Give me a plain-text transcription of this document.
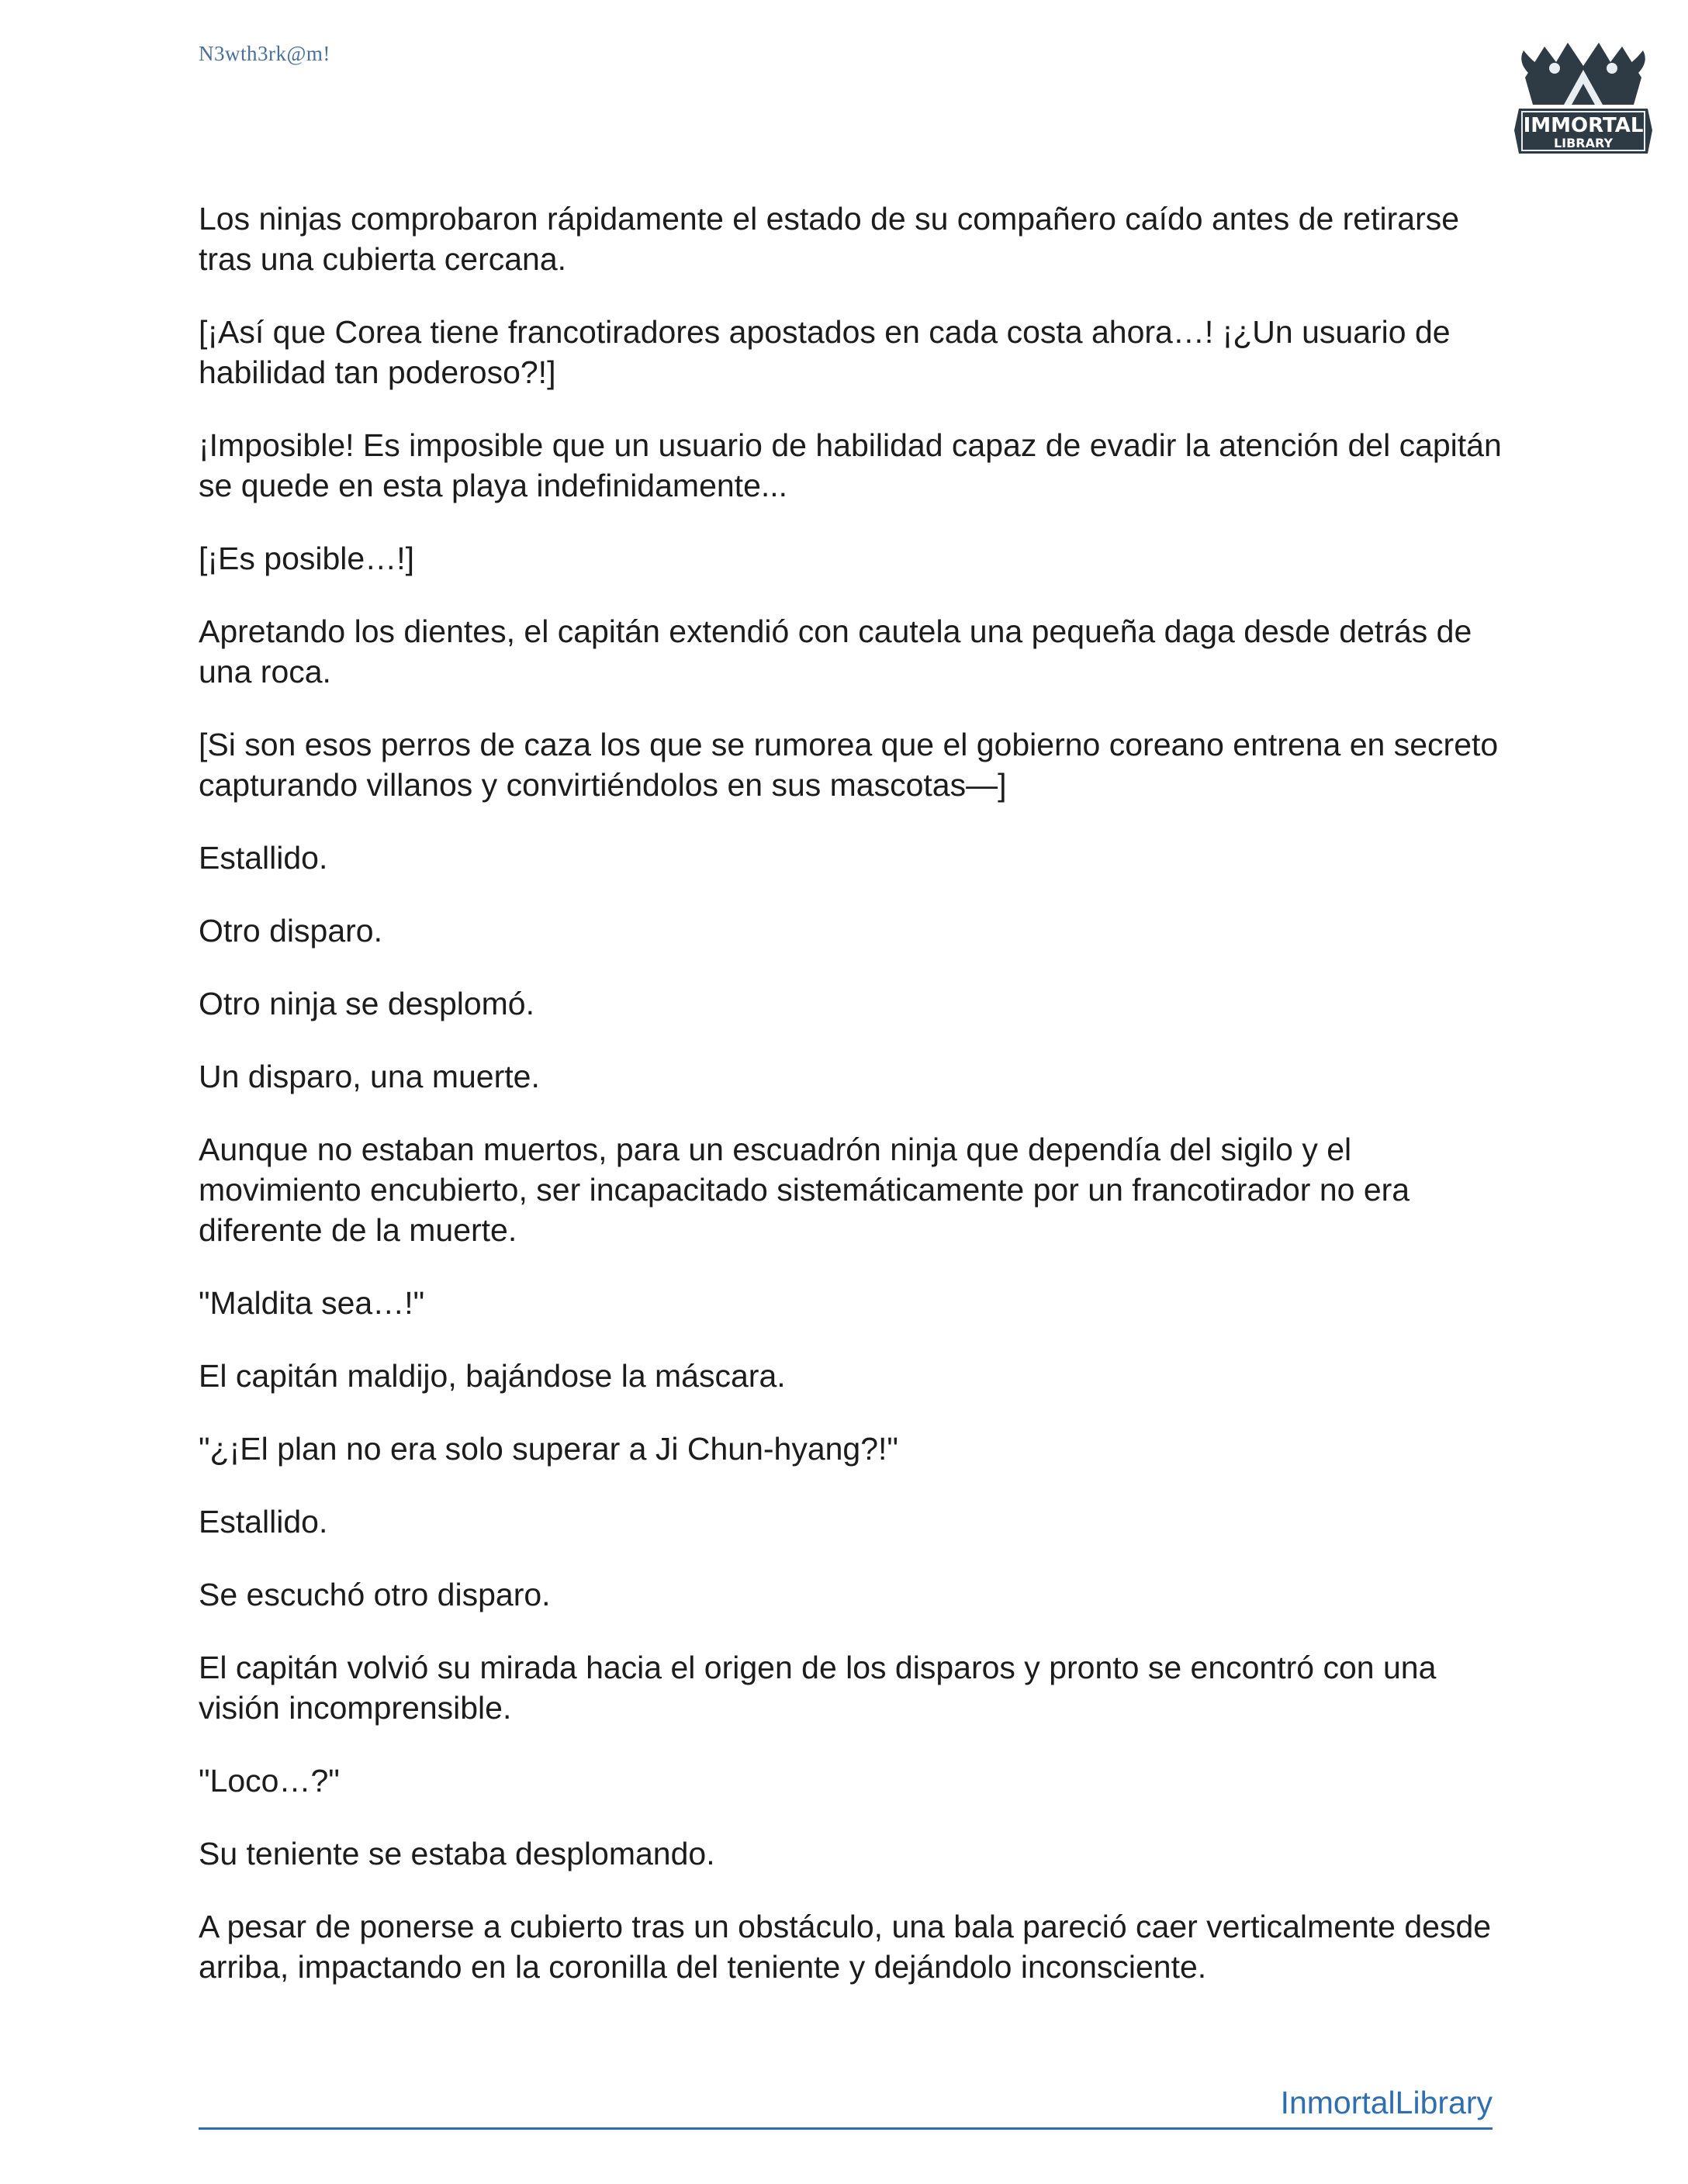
N3wth3rk@m!
IMMORTAL
LIBRARY

Los ninjas comprobaron rápidamente el estado de su compañero caído antes de retirarse tras una cubierta cercana.

[¡Así que Corea tiene francotiradores apostados en cada costa ahora…! ¡¿Un usuario de habilidad tan poderoso?!]

¡Imposible! Es imposible que un usuario de habilidad capaz de evadir la atención del capitán se quede en esta playa indefinidamente...

[¡Es posible…!]

Apretando los dientes, el capitán extendió con cautela una pequeña daga desde detrás de una roca.

[Si son esos perros de caza los que se rumorea que el gobierno coreano entrena en secreto capturando villanos y convirtiéndolos en sus mascotas—]

Estallido.

Otro disparo.

Otro ninja se desplomó.

Un disparo, una muerte.

Aunque no estaban muertos, para un escuadrón ninja que dependía del sigilo y el movimiento encubierto, ser incapacitado sistemáticamente por un francotirador no era diferente de la muerte.

"Maldita sea…!"

El capitán maldijo, bajándose la máscara.

"¿¡El plan no era solo superar a Ji Chun-hyang?!"

Estallido.

Se escuchó otro disparo.

El capitán volvió su mirada hacia el origen de los disparos y pronto se encontró con una visión incomprensible.

"Loco…?"

Su teniente se estaba desplomando.

A pesar de ponerse a cubierto tras un obstáculo, una bala pareció caer verticalmente desde arriba, impactando en la coronilla del teniente y dejándolo inconsciente.

InmortalLibrary
